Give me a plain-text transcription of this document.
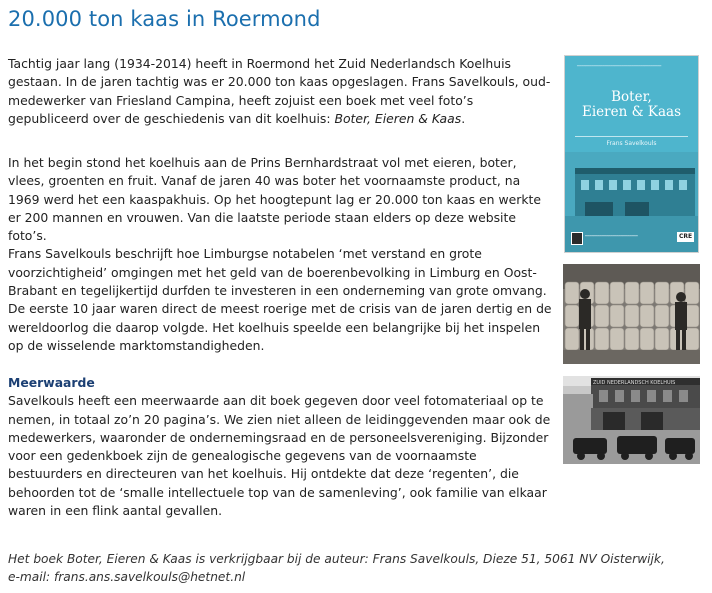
20.000 ton kaas in Roermond

Tachtig jaar lang (1934-2014) heeft in Roermond het Zuid Nederlandsch Koelhuis gestaan. In de jaren tachtig was er 20.000 ton kaas opgeslagen. Frans Savelkouls, oud-medewerker van Friesland Campina, heeft zojuist een boek met veel foto’s gepubliceerd over de geschiedenis van dit koelhuis: Boter, Eieren & Kaas.

In het begin stond het koelhuis aan de Prins Bernhardstraat vol met eieren, boter, vlees, groenten en fruit. Vanaf de jaren 40 was boter het voornaamste product, na 1969 werd het een kaaspakhuis. Op het hoogtepunt lag er 20.000 ton kaas en werkte er 200 mannen en vrouwen. Van die laatste periode staan elders op deze website foto’s.

Frans Savelkouls beschrijft hoe Limburgse notabelen ‘met verstand en grote voorzichtigheid’ omgingen met het geld van de boerenbevolking in Limburg en Oost-Brabant en tegelijkertijd durfden te investeren in een onderneming van grote omvang. De eerste 10 jaar waren direct de meest roerige met de crisis van de jaren dertig en de wereldoorlog die daarop volgde. Het koelhuis speelde een belangrijke bij het inspelen op de wisselende marktomstandigheden.

Meerwaarde

Savelkouls heeft een meerwaarde aan dit boek gegeven door veel fotomateriaal op te nemen, in totaal zo’n 20 pagina’s. We zien niet alleen de leidinggevenden maar ook de medewerkers, waaronder de ondernemingsraad en de personeelsvereniging. Bijzonder voor een gedenkboek zijn de genealogische gegevens van de voornaamste bestuurders en directeuren van het koelhuis. Hij ontdekte dat deze ‘regenten’, die behoorden tot de ‘smalle intellectuele top van de samenleving’, ook familie van elkaar waren in een flink aantal gevallen.

Het boek Boter, Eieren & Kaas is verkrijgbaar bij de auteur: Frans Savelkouls, Dieze 51, 5061 NV Oisterwijk,
e-mail: frans.ans.savelkouls@hetnet.nl
━━━━━━━━━━━━━━━━━━━━━━━━━━━━━━━━━━━━━━━━
Boter,
Eieren & Kaas
Frans Savelkouls
━━━━━━━━━━━━━━━━━━━━━━━━━	CRE
ZUID NEDERLANDSCH KOELHUIS
